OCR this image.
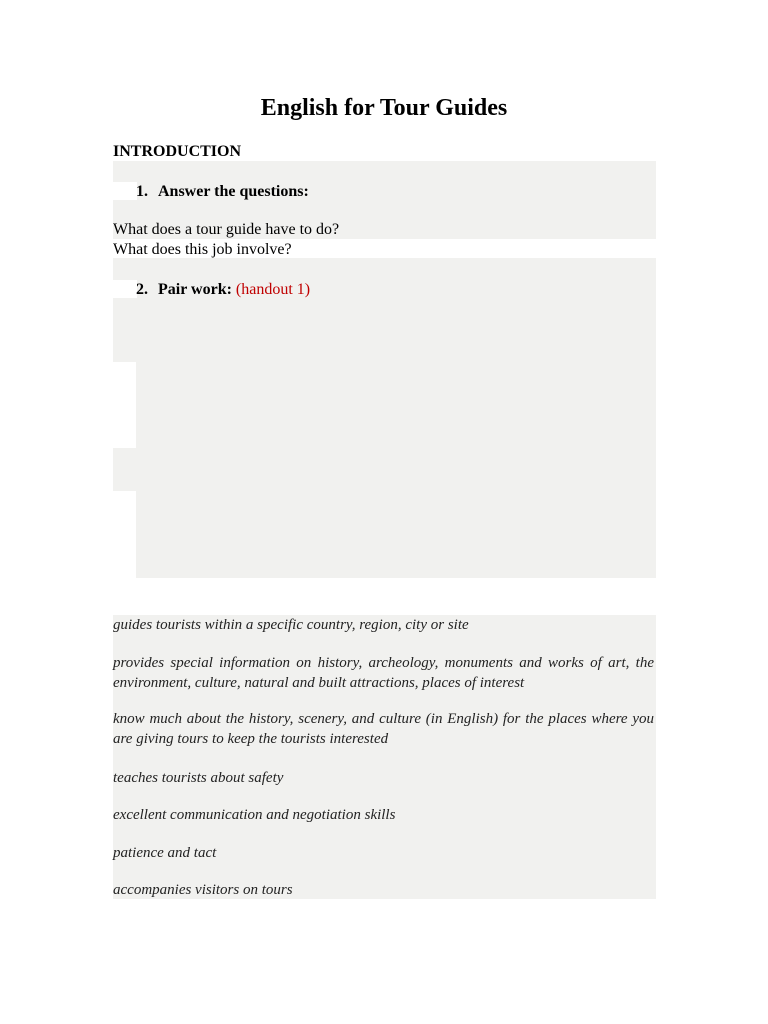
English for Tour Guides
INTRODUCTION
1. Answer the questions:
What does a tour guide have to do?
What does this job involve?
2. Pair work: (handout 1)
guides tourists within a specific country, region, city or site
provides special information on history, archeology, monuments and works of art, the environment, culture, natural and built attractions, places of interest
know much about the history, scenery, and culture (in English) for the places where you are giving tours to keep the tourists interested
teaches tourists about safety
excellent communication and negotiation skills
patience and tact
accompanies visitors on tours
